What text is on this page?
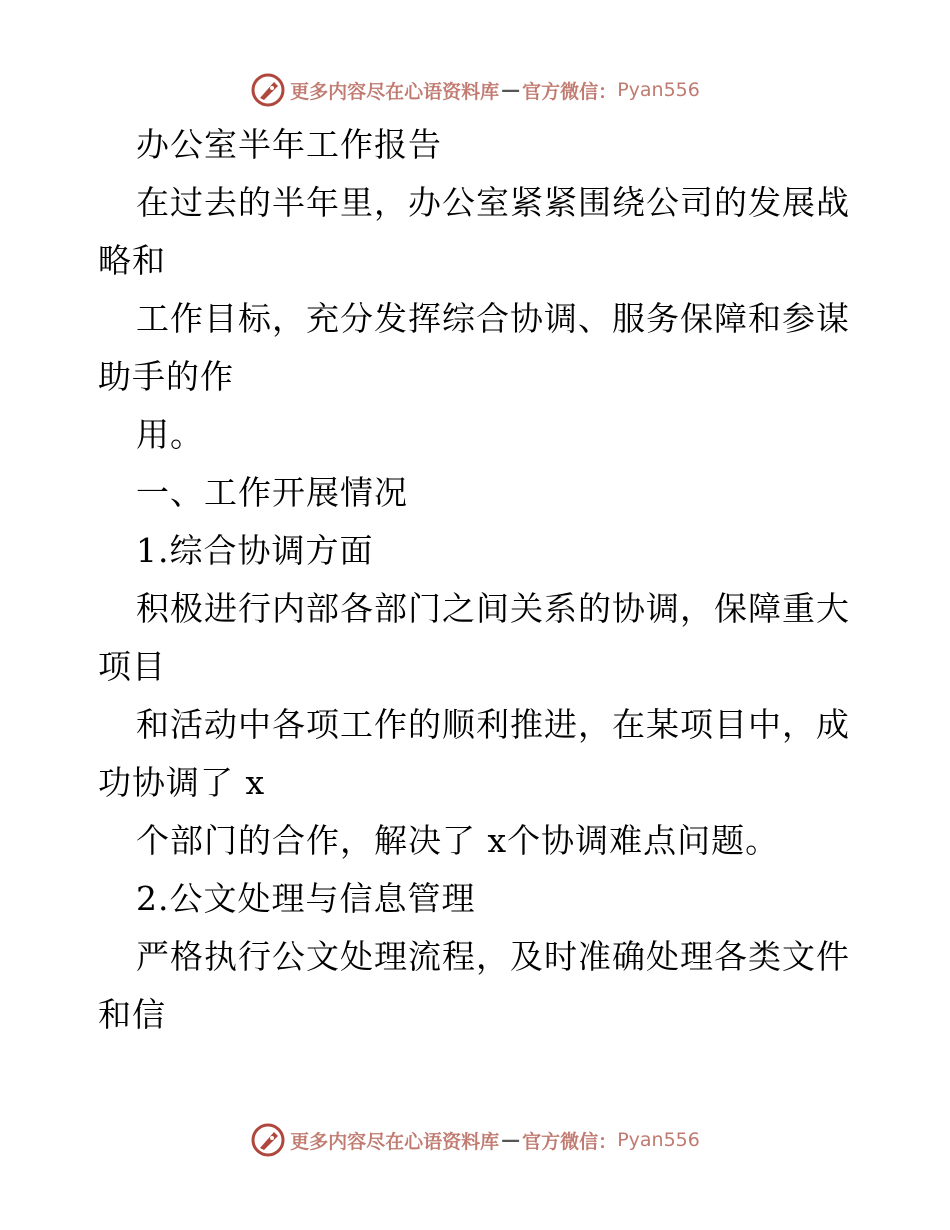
更多内容尽在心语资料库 — 官方微信： Pyan556
办公室半年工作报告
在过去的半年里，办公室紧紧围绕公司的发展战
略和
工作目标，充分发挥综合协调、服务保障和参谋
助手的作
用。
一、工作开展情况
1.综合协调方面
积极进行内部各部门之间关系的协调，保障重大
项目
和活动中各项工作的顺利推进，在某项目中，成
功协调了 x
个部门的合作，解决了 x个协调难点问题。
2.公文处理与信息管理
严格执行公文处理流程，及时准确处理各类文件
和信
更多内容尽在心语资料库 — 官方微信： Pyan556
